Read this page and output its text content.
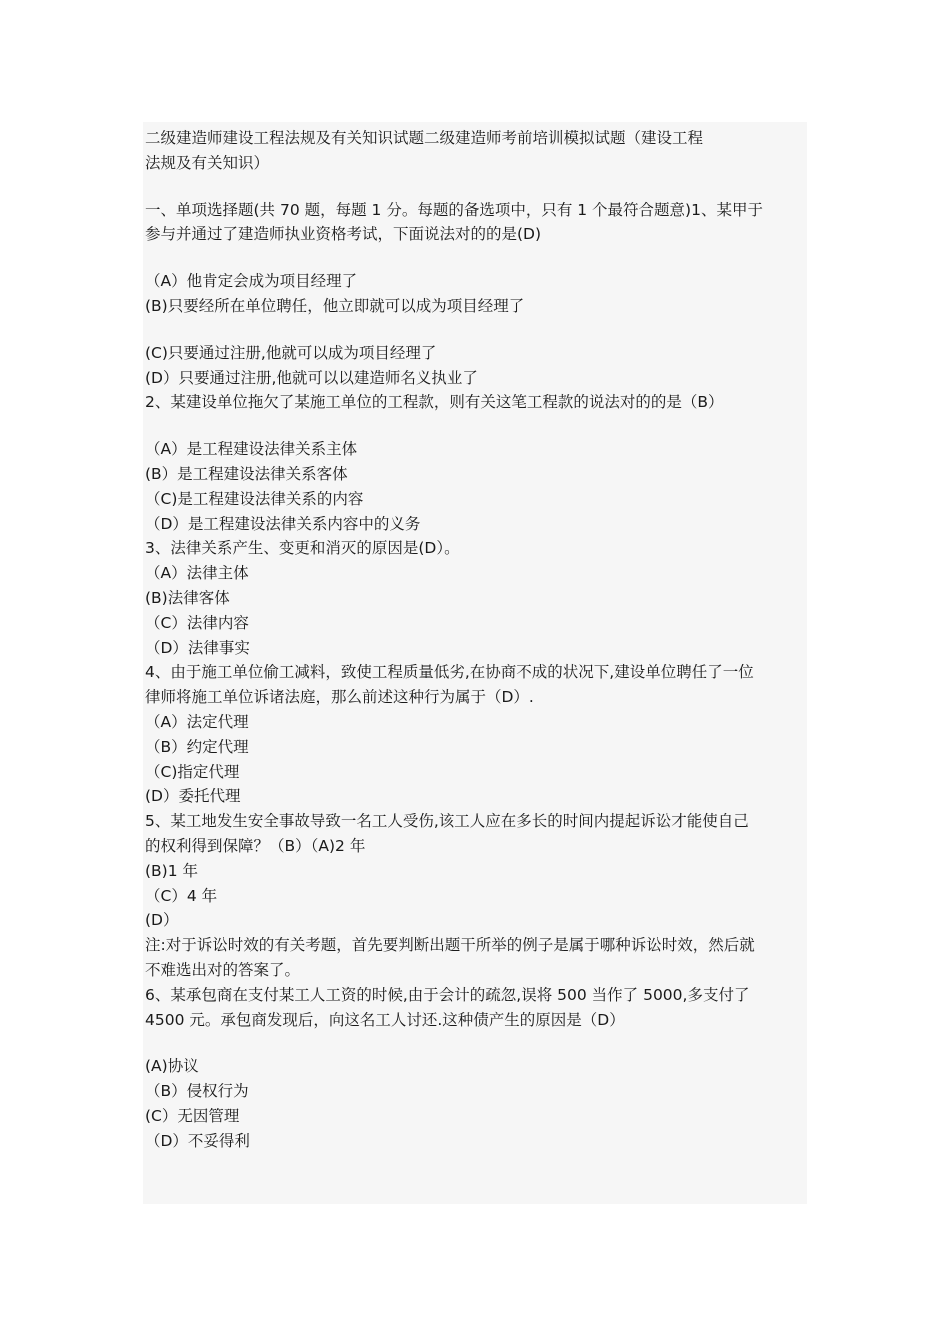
二级建造师建设工程法规及有关知识试题二级建造师考前培训模拟试题（建设工程
法规及有关知识）
一、单项选择题(共 70 题，每题 1 分。每题的备选项中，只有 1 个最符合题意)1、某甲于
参与并通过了建造师执业资格考试，下面说法对的的是(D)
（A）他肯定会成为项目经理了
(B)只要经所在单位聘任，他立即就可以成为项目经理了
(C)只要通过注册,他就可以成为项目经理了
(D）只要通过注册,他就可以以建造师名义执业了
2、某建设单位拖欠了某施工单位的工程款，则有关这笔工程款的说法对的的是（B）
（A）是工程建设法律关系主体
(B）是工程建设法律关系客体
（C)是工程建设法律关系的内容
（D）是工程建设法律关系内容中的义务
3、法律关系产生、变更和消灭的原因是(D）。
（A）法律主体
(B)法律客体
（C）法律内容
（D）法律事实
4、由于施工单位偷工减料，致使工程质量低劣,在协商不成的状况下,建设单位聘任了一位
律师将施工单位诉诸法庭，那么前述这种行为属于（D）.
（A）法定代理
（B）约定代理
（C)指定代理
(D）委托代理
5、某工地发生安全事故导致一名工人受伤,该工人应在多长的时间内提起诉讼才能使自己
的权利得到保障？（B）（A)2 年
(B)1 年
（C）4 年
(D）
注:对于诉讼时效的有关考题，首先要判断出题干所举的例子是属于哪种诉讼时效，然后就
不难选出对的答案了。
6、某承包商在支付某工人工资的时候,由于会计的疏忽,误将 500 当作了 5000,多支付了
4500 元。承包商发现后，向这名工人讨还.这种债产生的原因是（D）
(A)协议
（B）侵权行为
(C）无因管理
（D）不妥得利
